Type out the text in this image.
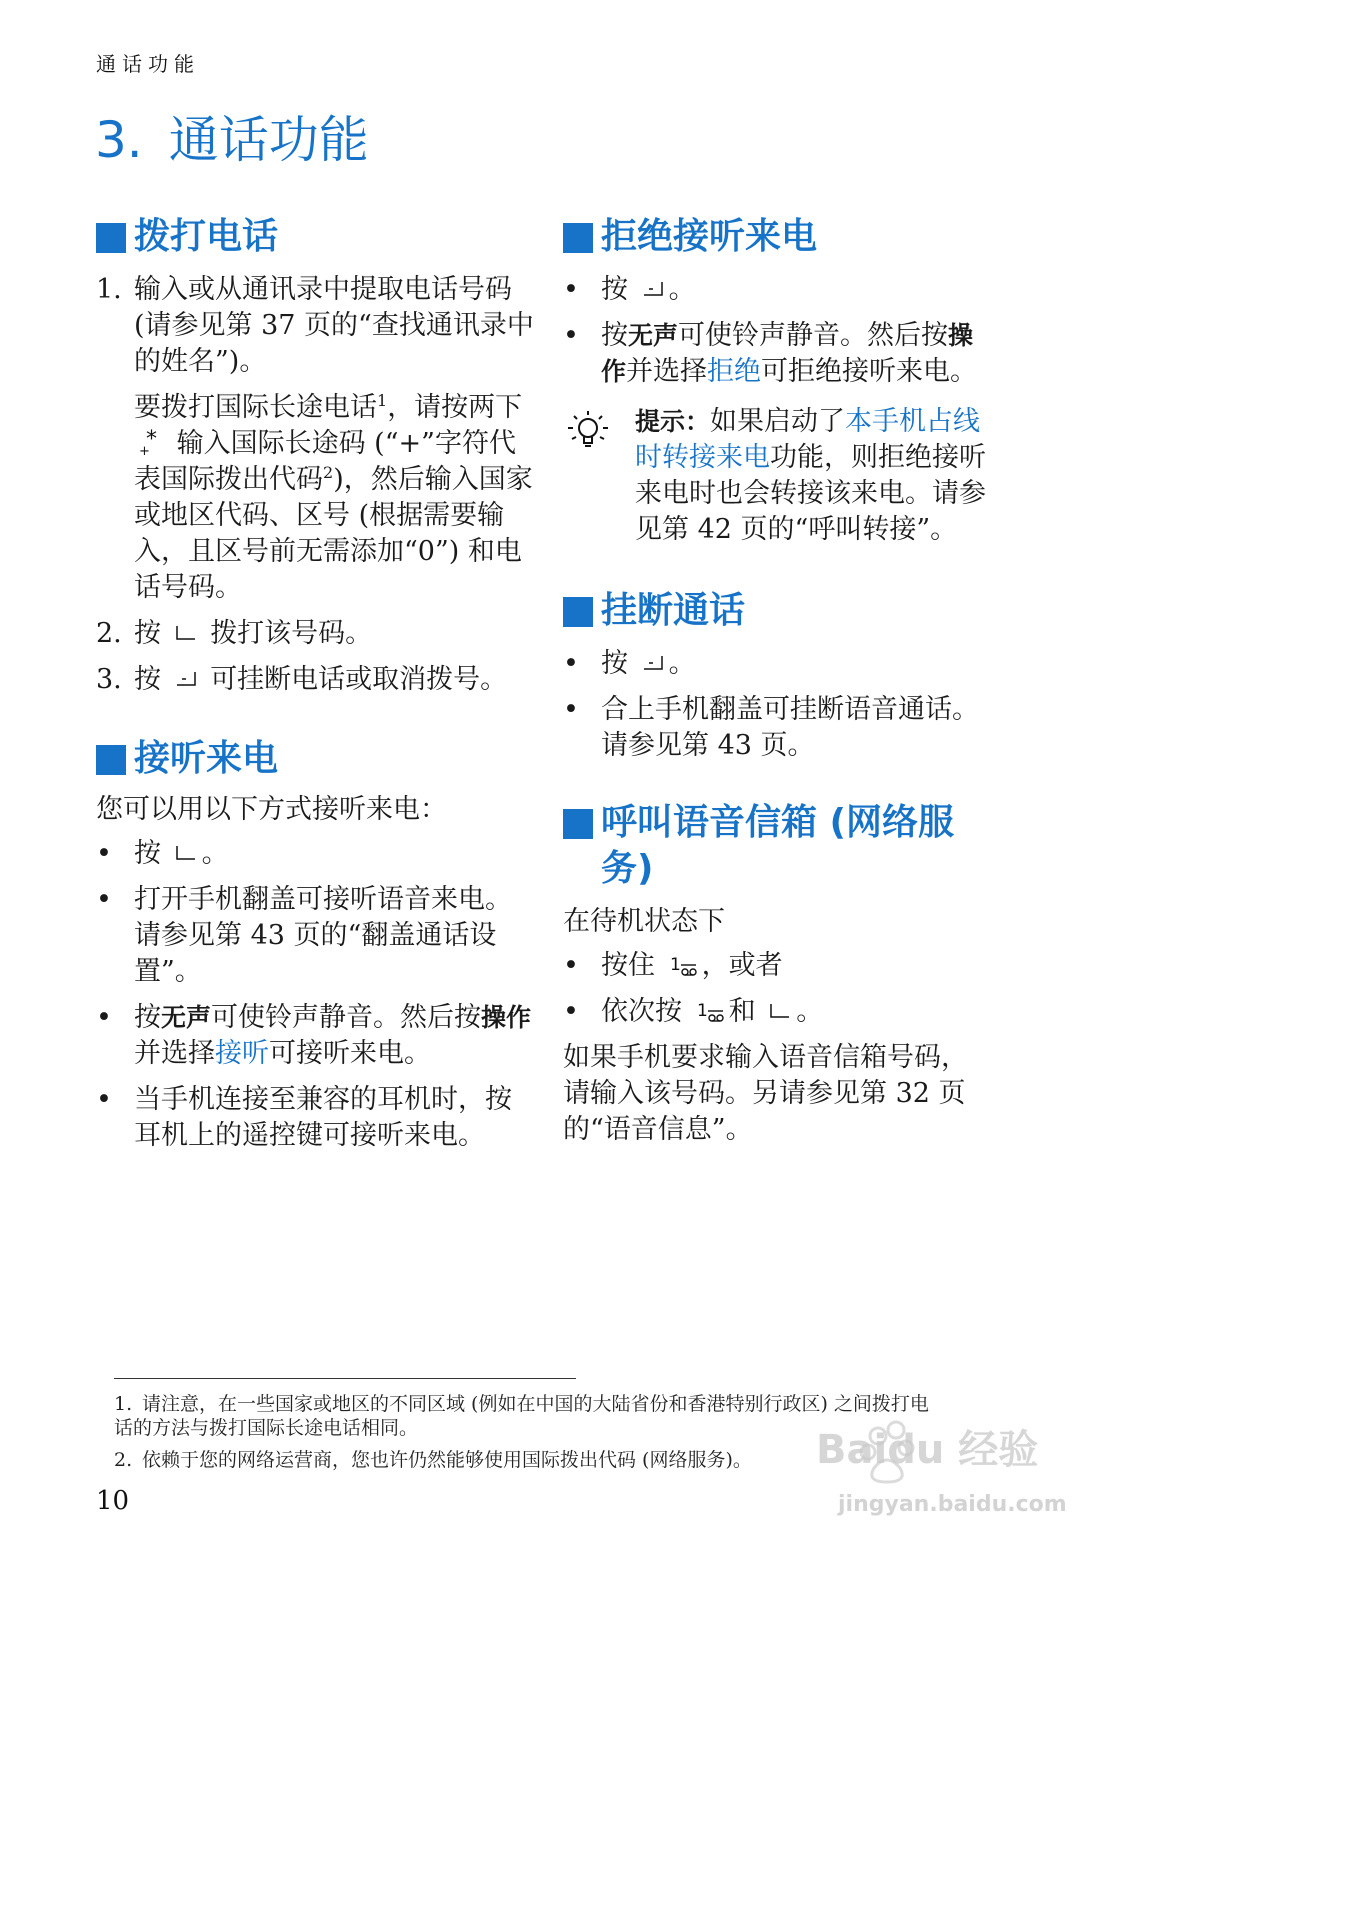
通话功能
3. 通话功能
拨打电话
1. 输入或从通讯录中提取电话号码 (请参见第 37 页的“查找通讯录中的姓名”)。
要拨打国际长途电话$^1$，请按两下
*
+ 输入国际长途码 (“+”字符代表国际拨出代码$^2$)，然后输入国家或地区代码、区号 (根据需要输入，且区号前无需添加“0”) 和电话号码。
2. 按 拨打该号码。
3. 按 可挂断电话或取消拨号。
接听来电
您可以用以下方式接听来电：
• 按 。
• 打开手机翻盖可接听语音来电。请参见第 43 页的“翻盖通话设置”。
• 按无声可使铃声静音。然后按操作并选择接听可接听来电。
• 当手机连接至兼容的耳机时，按耳机上的遥控键可接听来电。
拒绝接听来电
• 按 。
• 按无声可使铃声静音。然后按操作并选择拒绝可拒绝接听来电。
提示：如果启动了本手机占线时转接来电功能，则拒绝接听来电时也会转接该来电。请参见第 42 页的“呼叫转接”。
挂断通话
• 按 。
• 合上手机翻盖可挂断语音通话。请参见第 43 页。
呼叫语音信箱 (网络服务)
在待机状态下
• 按住 1 ，或者
• 依次按 1 和 。
如果手机要求输入语音信箱号码，请输入该号码。另请参见第 32 页的“语音信息”。
1. 请注意，在一些国家或地区的不同区域 (例如在中国的大陆省份和香港特别行政区) 之间拨打电话的方法与拨打国际长途电话相同。
2. 依赖于您的网络运营商，您也许仍然能够使用国际拨出代码 (网络服务)。
10
Baidu 经验
jingyan.baidu.com
